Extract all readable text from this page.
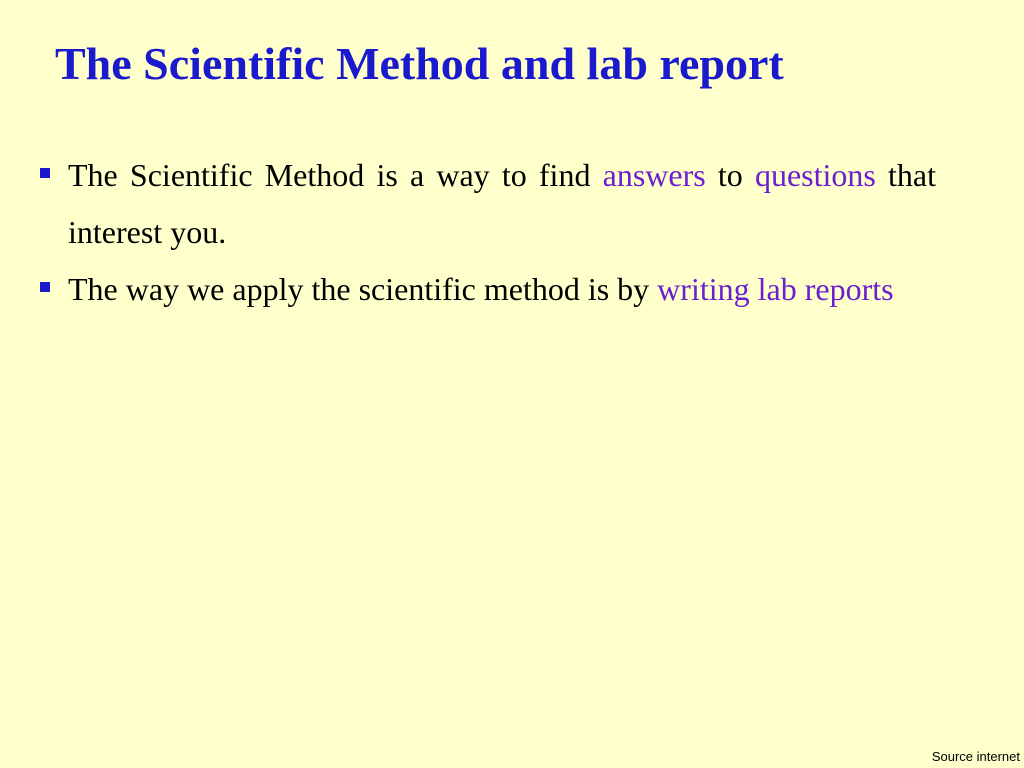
The Scientific Method and lab report
The Scientific Method is a way to find answers to questions that interest you.
The way we apply the scientific method is by writing lab reports
Source internet
